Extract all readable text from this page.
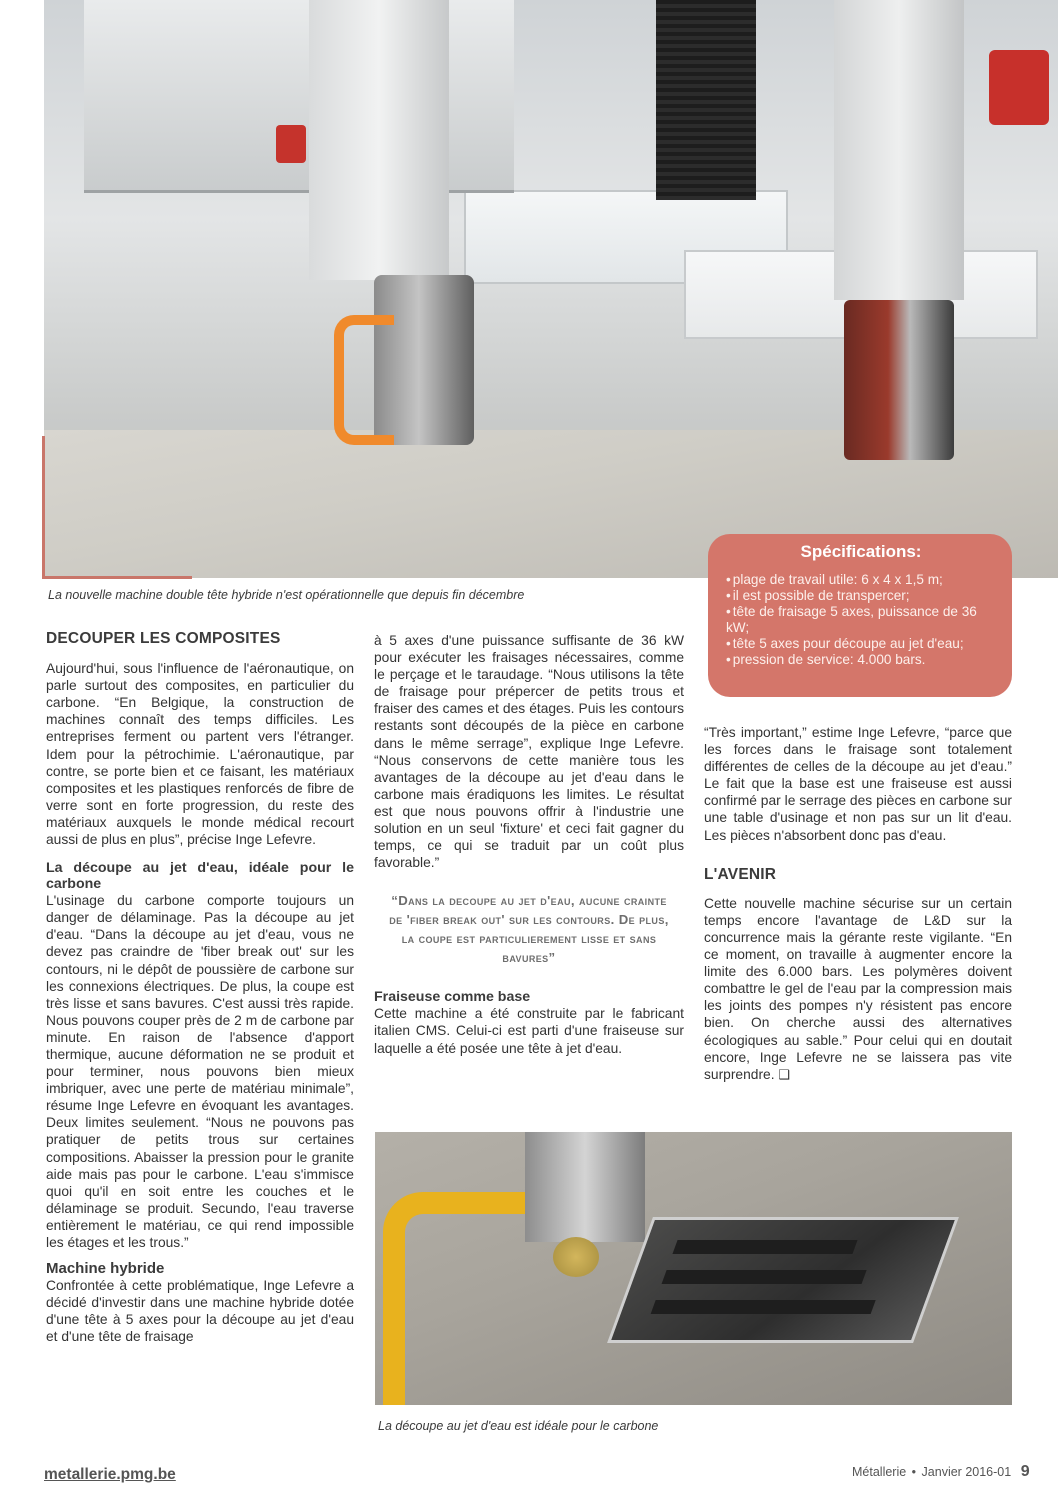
La nouvelle machine double tête hybride n'est opérationnelle que depuis fin décembre
Spécifications:
• plage de travail utile: 6 x 4 x 1,5 m;
• il est possible de transpercer;
• tête de fraisage 5 axes, puissance de 36 kW;
• tête 5 axes pour découpe au jet d'eau;
• pression de service: 4.000 bars.
DECOUPER LES COMPOSITES

Aujourd'hui, sous l'influence de l'aéronautique, on parle surtout des composites, en particulier du carbone. “En Belgique, la construction de machines connaît des temps difficiles. Les entreprises ferment ou partent vers l'étranger. Idem pour la pétrochimie. L'aéronautique, par contre, se porte bien et ce faisant, les matériaux composites et les plastiques renforcés de fibre de verre sont en forte progression, du reste des matériaux auxquels le monde médical recourt aussi de plus en plus”, précise Inge Lefevre.

La découpe au jet d'eau, idéale pour le carbone

L'usinage du carbone comporte toujours un danger de délaminage. Pas la découpe au jet d'eau. “Dans la découpe au jet d'eau, vous ne devez pas craindre de 'fiber break out' sur les contours, ni le dépôt de poussière de carbone sur les connexions électriques. De plus, la coupe est très lisse et sans bavures. C'est aussi très rapide. Nous pouvons couper près de 2 m de carbone par minute. En raison de l'absence d'apport thermique, aucune déformation ne se produit et pour terminer, nous pouvons bien mieux imbriquer, avec une perte de matériau minimale”, résume Inge Lefevre en évoquant les avantages. Deux limites seulement. “Nous ne pouvons pas pratiquer de petits trous sur certaines compositions. Abaisser la pression pour le granite aide mais pas pour le carbone. L'eau s'immisce quoi qu'il en soit entre les couches et le délaminage se produit. Secundo, l'eau traverse entièrement le matériau, ce qui rend impossible les étages et les trous.”

Machine hybride

Confrontée à cette problématique, Inge Lefevre a décidé d'investir dans une machine hybride dotée d'une tête à 5 axes pour la découpe au jet d'eau et d'une tête de fraisage

à 5 axes d'une puissance suffisante de 36 kW pour exécuter les fraisages nécessaires, comme le perçage et le taraudage. “Nous utilisons la tête de fraisage pour prépercer de petits trous et fraiser des cames et des étages. Puis les contours restants sont découpés de la pièce en carbone dans le même serrage”, explique Inge Lefevre. “Nous conservons de cette manière tous les avantages de la découpe au jet d'eau dans le carbone mais éradiquons les limites. Le résultat est que nous pouvons offrir à l'industrie une solution en un seul 'fixture' et ceci fait gagner du temps, ce qui se traduit par un coût plus favorable.”

“Dans la decoupe au jet d'eau, aucune crainte de 'fiber break out' sur les contours. De plus, la coupe est particulierement lisse et sans bavures”
Fraiseuse comme base

Cette machine a été construite par le fabricant italien CMS. Celui-ci est parti d'une fraiseuse sur laquelle a été posée une tête à jet d'eau.

“Très important,” estime Inge Lefevre, “parce que les forces dans le fraisage sont totalement différentes de celles de la découpe au jet d'eau.” Le fait que la base est une fraiseuse est aussi confirmé par le serrage des pièces en carbone sur une table d'usinage et non pas sur un lit d'eau. Les pièces n'absorbent donc pas d'eau.

L'AVENIR

Cette nouvelle machine sécurise sur un certain temps encore l'avantage de L&D sur la concurrence mais la gérante reste vigilante. “En ce moment, on travaille à augmenter encore la limite des 6.000 bars. Les polymères doivent combattre le gel de l'eau par la compression mais les joints des pompes n'y résistent pas encore bien. On cherche aussi des alternatives écologiques au sable.” Pour celui qui en doutait encore, Inge Lefevre ne se laissera pas vite surprendre. ❑

La découpe au jet d'eau est idéale pour le carbone
metallerie.pmg.be	Métallerie • Janvier 2016-01 9
